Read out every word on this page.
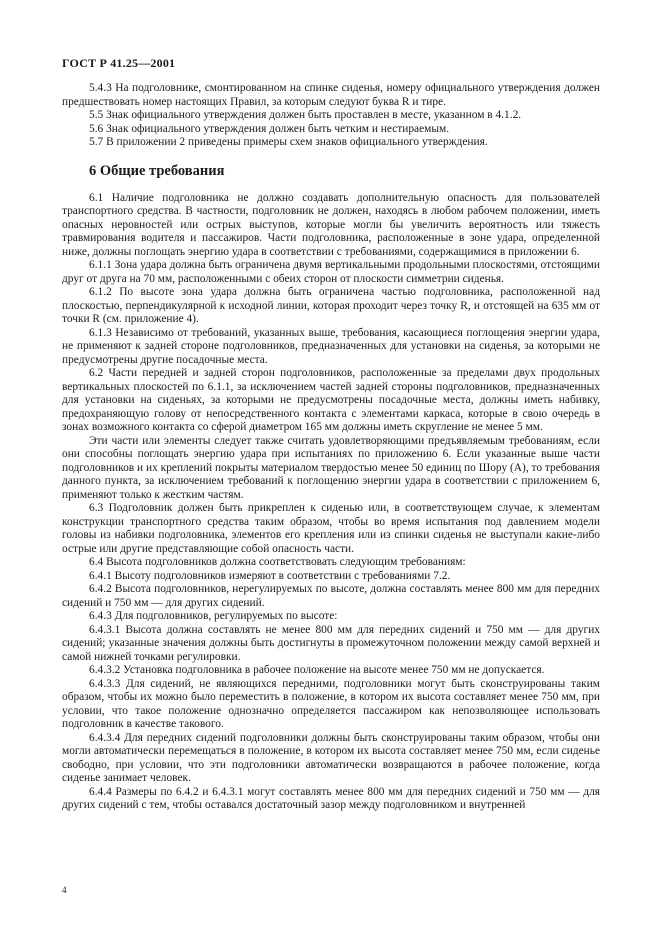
ГОСТ Р 41.25—2001

5.4.3 На подголовнике, смонтированном на спинке сиденья, номеру официального утверждения должен предшествовать номер настоящих Правил, за которым следуют буква R и тире.

5.5 Знак официального утверждения должен быть проставлен в месте, указанном в 4.1.2.

5.6 Знак официального утверждения должен быть четким и нестираемым.

5.7 В приложении 2 приведены примеры схем знаков официального утверждения.

6 Общие требования

6.1 Наличие подголовника не должно создавать дополнительную опасность для пользователей транспортного средства. В частности, подголовник не должен, находясь в любом рабочем положении, иметь опасных неровностей или острых выступов, которые могли бы увеличить вероятность или тяжесть травмирования водителя и пассажиров. Части подголовника, расположенные в зоне удара, определенной ниже, должны поглощать энергию удара в соответствии с требованиями, содержащимися в приложении 6.

6.1.1 Зона удара должна быть ограничена двумя вертикальными продольными плоскостями, отстоящими друг от друга на 70 мм, расположенными с обеих сторон от плоскости симметрии сиденья.

6.1.2 По высоте зона удара должна быть ограничена частью подголовника, расположенной над плоскостью, перпендикулярной к исходной линии, которая проходит через точку R, и отстоящей на 635 мм от точки R (см. приложение 4).

6.1.3 Независимо от требований, указанных выше, требования, касающиеся поглощения энергии удара, не применяют к задней стороне подголовников, предназначенных для установки на сиденья, за которыми не предусмотрены другие посадочные места.

6.2 Части передней и задней сторон подголовников, расположенные за пределами двух продольных вертикальных плоскостей по 6.1.1, за исключением частей задней стороны подголовников, предназначенных для установки на сиденьях, за которыми не предусмотрены посадочные места, должны иметь набивку, предохраняющую голову от непосредственного контакта с элементами каркаса, которые в свою очередь в зонах возможного контакта со сферой диаметром 165 мм должны иметь скругление не менее 5 мм.

Эти части или элементы следует также считать удовлетворяющими предъявляемым требованиям, если они способны поглощать энергию удара при испытаниях по приложению 6. Если указанные выше части подголовников и их креплений покрыты материалом твердостью менее 50 единиц по Шору (А), то требования данного пункта, за исключением требований к поглощению энергии удара в соответствии с приложением 6, применяют только к жестким частям.

6.3 Подголовник должен быть прикреплен к сиденью или, в соответствующем случае, к элементам конструкции транспортного средства таким образом, чтобы во время испытания под давлением модели головы из набивки подголовника, элементов его крепления или из спинки сиденья не выступали какие-либо острые или другие представляющие собой опасность части.

6.4 Высота подголовников должна соответствовать следующим требованиям:

6.4.1 Высоту подголовников измеряют в соответствии с требованиями 7.2.

6.4.2 Высота подголовников, нерегулируемых по высоте, должна составлять менее 800 мм для передних сидений и 750 мм — для других сидений.

6.4.3 Для подголовников, регулируемых по высоте:

6.4.3.1 Высота должна составлять не менее 800 мм для передних сидений и 750 мм — для других сидений; указанные значения должны быть достигнуты в промежуточном положении между самой верхней и самой нижней точками регулировки.

6.4.3.2 Установка подголовника в рабочее положение на высоте менее 750 мм не допускается.

6.4.3.3 Для сидений, не являющихся передними, подголовники могут быть сконструированы таким образом, чтобы их можно было переместить в положение, в котором их высота составляет менее 750 мм, при условии, что такое положение однозначно определяется пассажиром как непозволяющее использовать подголовник в качестве такового.

6.4.3.4 Для передних сидений подголовники должны быть сконструированы таким образом, чтобы они могли автоматически перемещаться в положение, в котором их высота составляет менее 750 мм, если сиденье свободно, при условии, что эти подголовники автоматически возвращаются в рабочее положение, когда сиденье занимает человек.

6.4.4 Размеры по 6.4.2 и 6.4.3.1 могут составлять менее 800 мм для передних сидений и 750 мм — для других сидений с тем, чтобы оставался достаточный зазор между подголовником и внутренней

4
